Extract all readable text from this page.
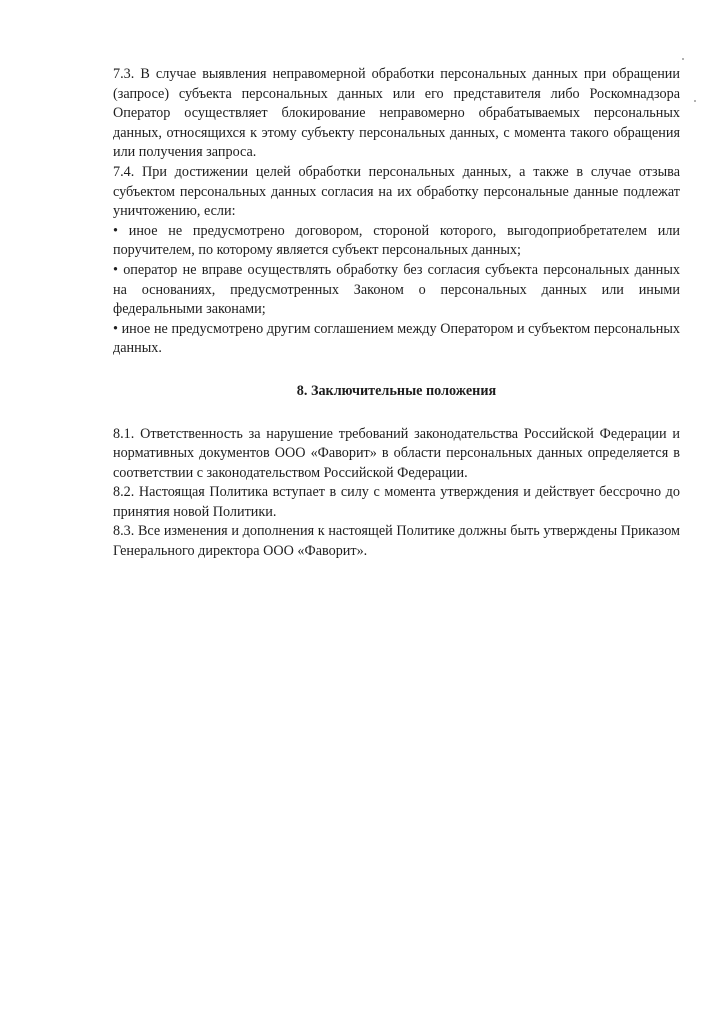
7.3. В случае выявления неправомерной обработки персональных данных при обращении (запросе) субъекта персональных данных или его представителя либо Роскомнадзора Оператор осуществляет блокирование неправомерно обрабатываемых персональных данных, относящихся к этому субъекту персональных данных, с момента такого обращения или получения запроса.

7.4. При достижении целей обработки персональных данных, а также в случае отзыва субъектом персональных данных согласия на их обработку персональные данные подлежат уничтожению, если:

• иное не предусмотрено договором, стороной которого, выгодоприобретателем или поручителем, по которому является субъект персональных данных;

• оператор не вправе осуществлять обработку без согласия субъекта персональных данных на основаниях, предусмотренных Законом о персональных данных или иными федеральными законами;

• иное не предусмотрено другим соглашением между Оператором и субъектом персональных данных.

8. Заключительные положения

8.1. Ответственность за нарушение требований законодательства Российской Федерации и нормативных документов ООО «Фаворит» в области персональных данных определяется в соответствии с законодательством Российской Федерации.

8.2. Настоящая Политика вступает в силу с момента утверждения и действует бессрочно до принятия новой Политики.

8.3. Все изменения и дополнения к настоящей Политике должны быть утверждены Приказом Генерального директора ООО «Фаворит».
